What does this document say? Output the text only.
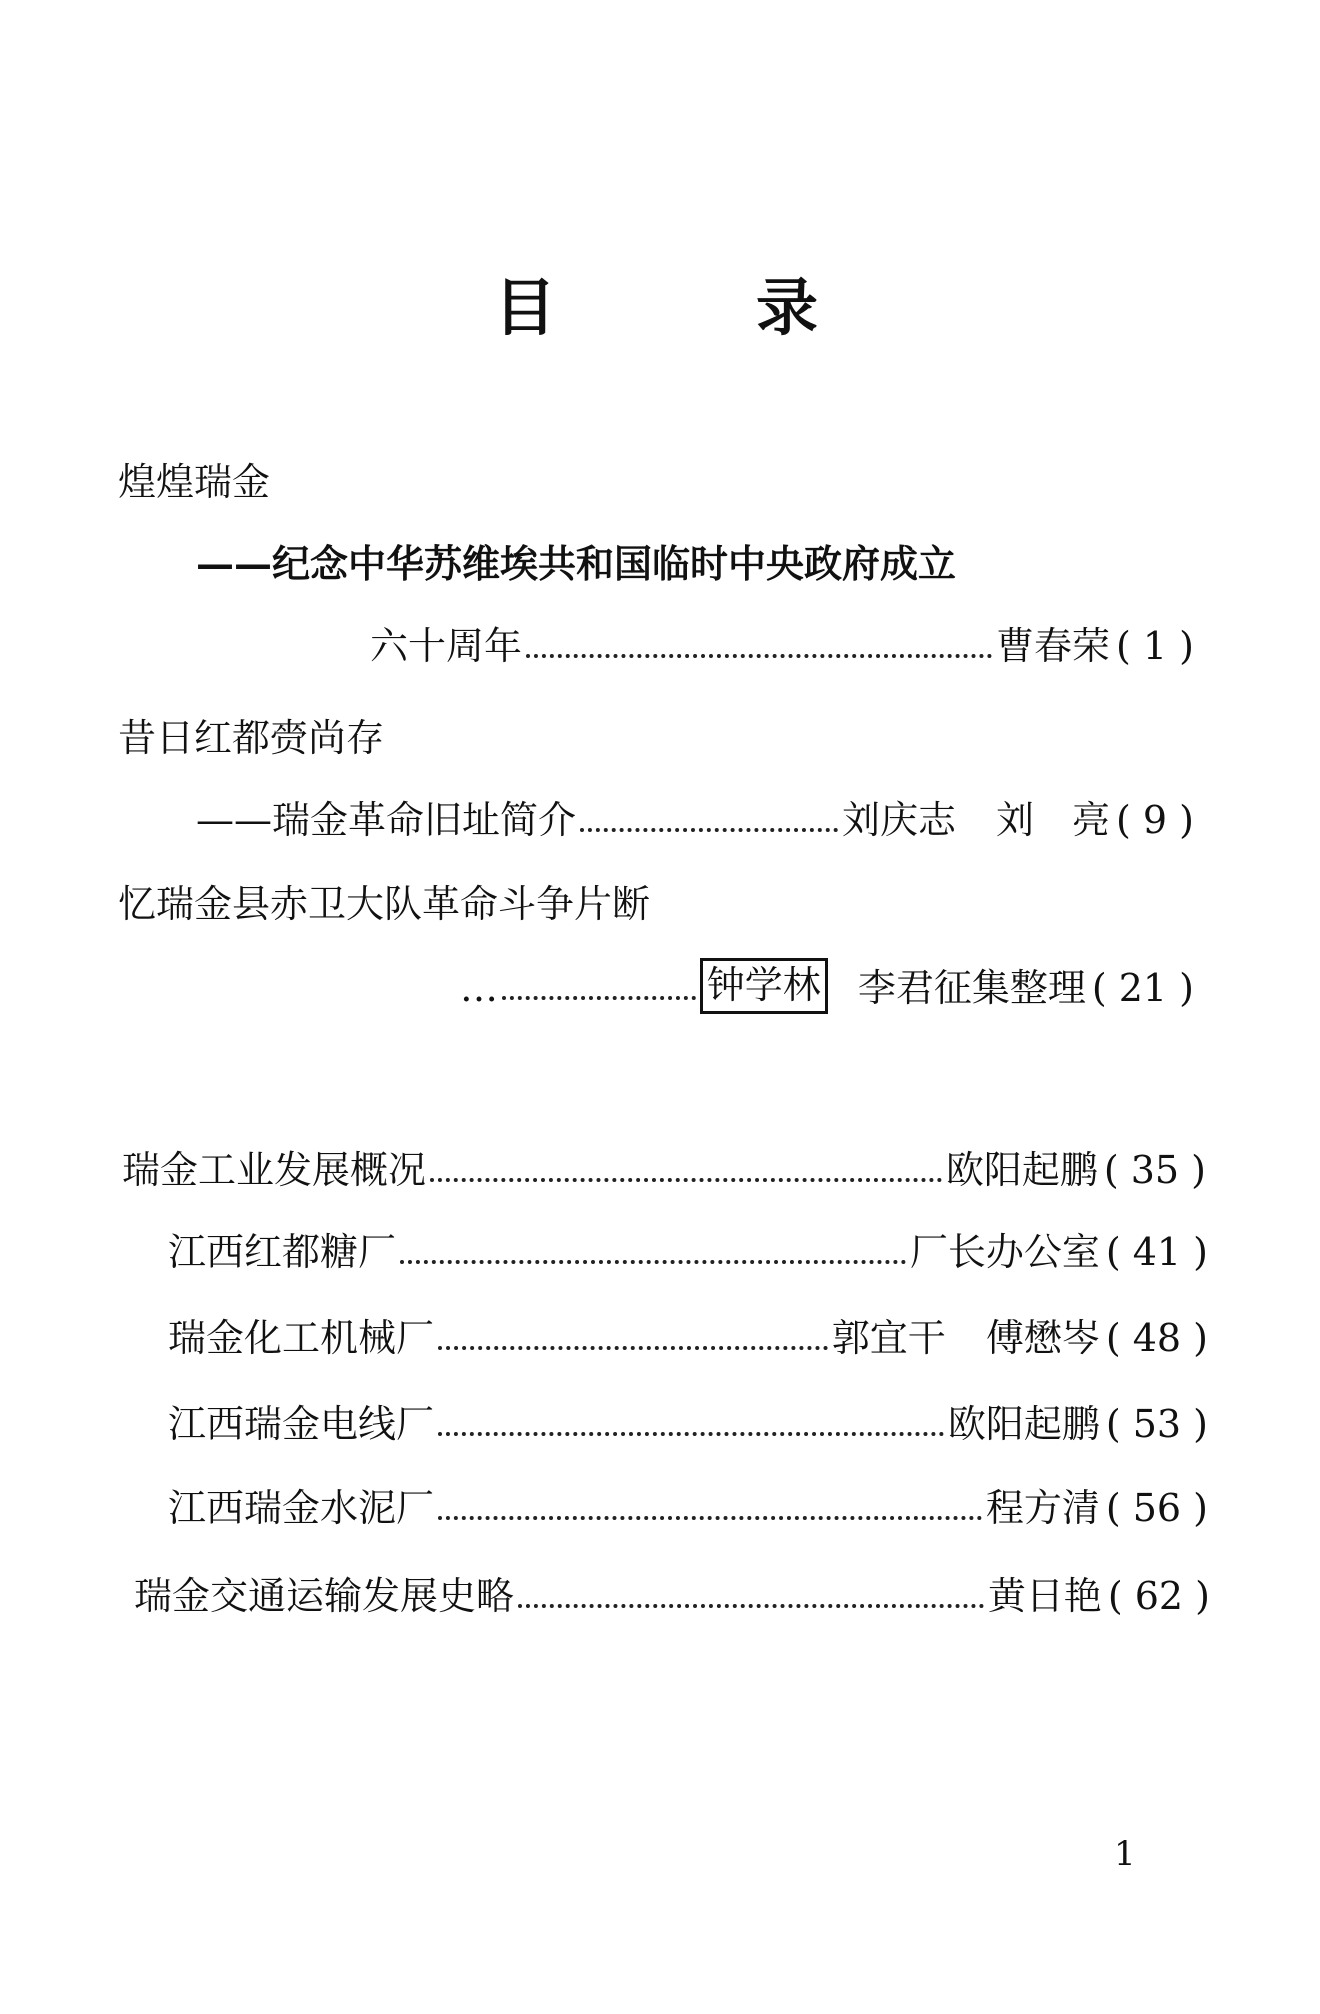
目	录
煌煌瑞金
——纪念中华苏维埃共和国临时中央政府成立
六十周年	曹春荣 ( 1 )
昔日红都赍尚存
——瑞金革命旧址简介	刘庆志 刘　亮 ( 9 )
忆瑞金县赤卫大队革命斗争片断
…	钟学林 李君征集整理 ( 21 )
瑞金工业发展概况	欧阳起鹏 ( 35 )
江西红都糖厂	厂长办公室 ( 41 )
瑞金化工机械厂	郭宜干 傅懋岑 ( 48 )
江西瑞金电线厂	欧阳起鹏 ( 53 )
江西瑞金水泥厂	程方清 ( 56 )
瑞金交通运输发展史略	黄日艳 ( 62 )
1
